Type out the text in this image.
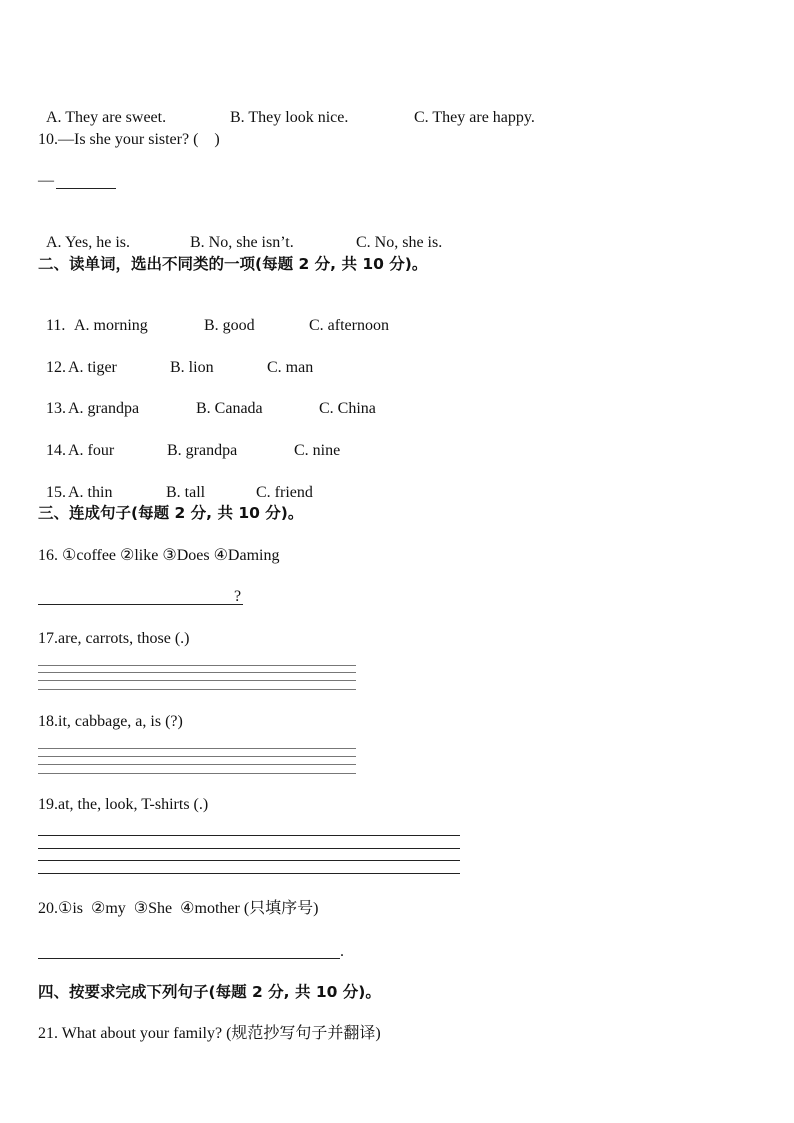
A. They are sweet.	B. They look nice.	C. They are happy.

10.—Is she your sister? (    )
—

A. Yes, he is.	B. No, she isn’t.	C. No, she is.

二、读单词，选出不同类的一项(每题 2 分, 共 10 分)。

11. A. morning	B. good	C. afternoon

12. A. tiger	B. lion	C. man

13. A. grandpa	B. Canada	C. China

14. A. four	B. grandpa	C. nine

15. A. thin	B. tall	C. friend

三、连成句子(每题 2 分, 共 10 分)。
16. ①coffee ②like ③Does ④Daming
?
17.are, carrots, those (.)
18.it, cabbage, a, is (?)
19.at, the, look, T-shirts (.)
20.①is  ②my  ③She  ④mother (只填序号)
.
四、按要求完成下列句子(每题 2 分, 共 10 分)。
21. What about your family? (规范抄写句子并翻译)
